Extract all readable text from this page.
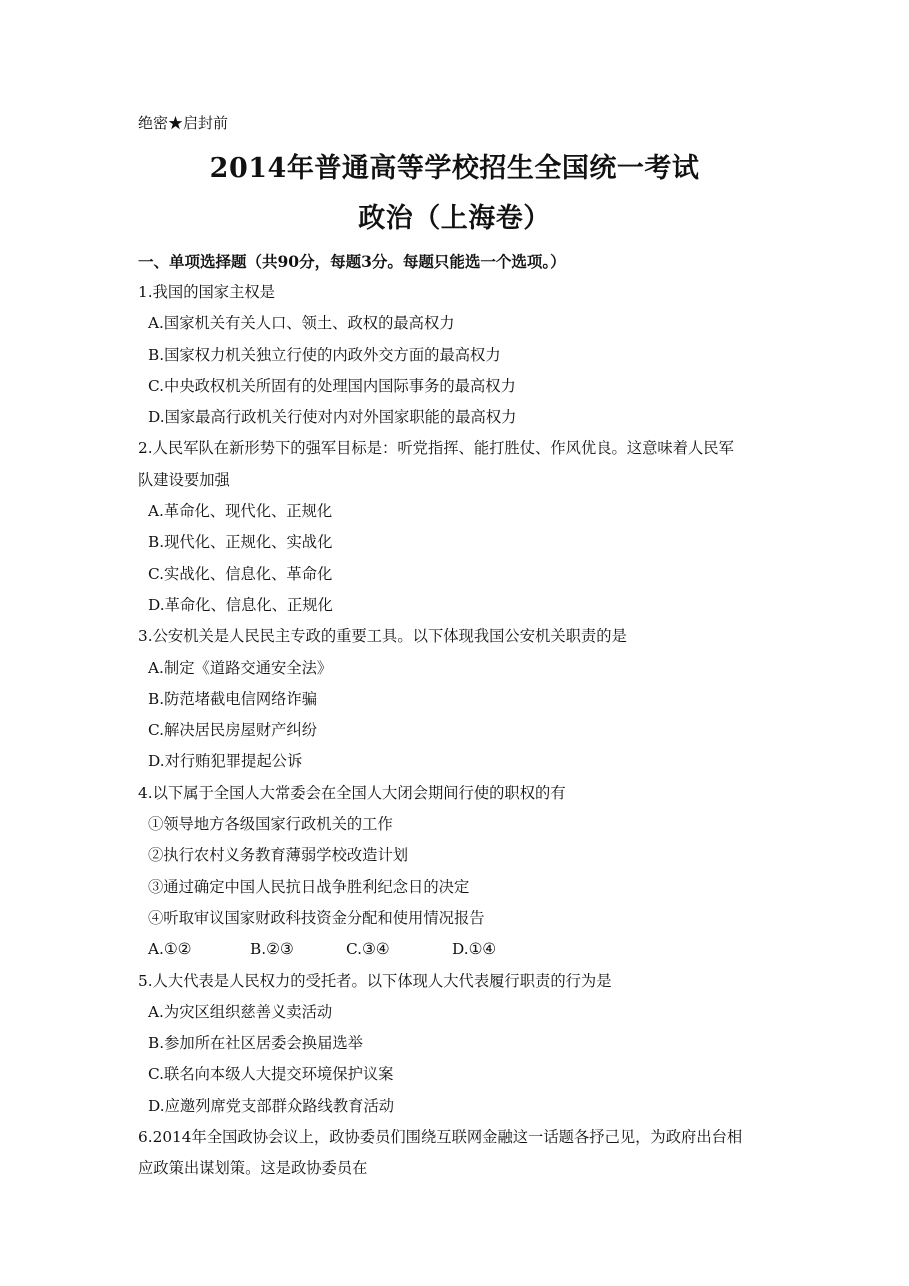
绝密★启封前
2014年普通高等学校招生全国统一考试
政治（上海卷）
一、单项选择题（共90分，每题3分。每题只能选一个选项。）
1.我国的国家主权是
A.国家机关有关人口、领土、政权的最高权力
B.国家权力机关独立行使的内政外交方面的最高权力
C.中央政权机关所固有的处理国内国际事务的最高权力
D.国家最高行政机关行使对内对外国家职能的最高权力
2.人民军队在新形势下的强军目标是：听党指挥、能打胜仗、作风优良。这意味着人民军
队建设要加强
A.革命化、现代化、正规化
B.现代化、正规化、实战化
C.实战化、信息化、革命化
D.革命化、信息化、正规化
3.公安机关是人民民主专政的重要工具。以下体现我国公安机关职责的是
A.制定《道路交通安全法》
B.防范堵截电信网络诈骗
C.解决居民房屋财产纠纷
D.对行贿犯罪提起公诉
4.以下属于全国人大常委会在全国人大闭会期间行使的职权的有
①领导地方各级国家行政机关的工作
②执行农村义务教育薄弱学校改造计划
③通过确定中国人民抗日战争胜利纪念日的决定
④听取审议国家财政科技资金分配和使用情况报告
A.①②	B.②③	C.③④	D.①④
5.人大代表是人民权力的受托者。以下体现人大代表履行职责的行为是
A.为灾区组织慈善义卖活动
B.参加所在社区居委会换届选举
C.联名向本级人大提交环境保护议案
D.应邀列席党支部群众路线教育活动
6.2014年全国政协会议上，政协委员们围绕互联网金融这一话题各抒己见，为政府出台相
应政策出谋划策。这是政协委员在
